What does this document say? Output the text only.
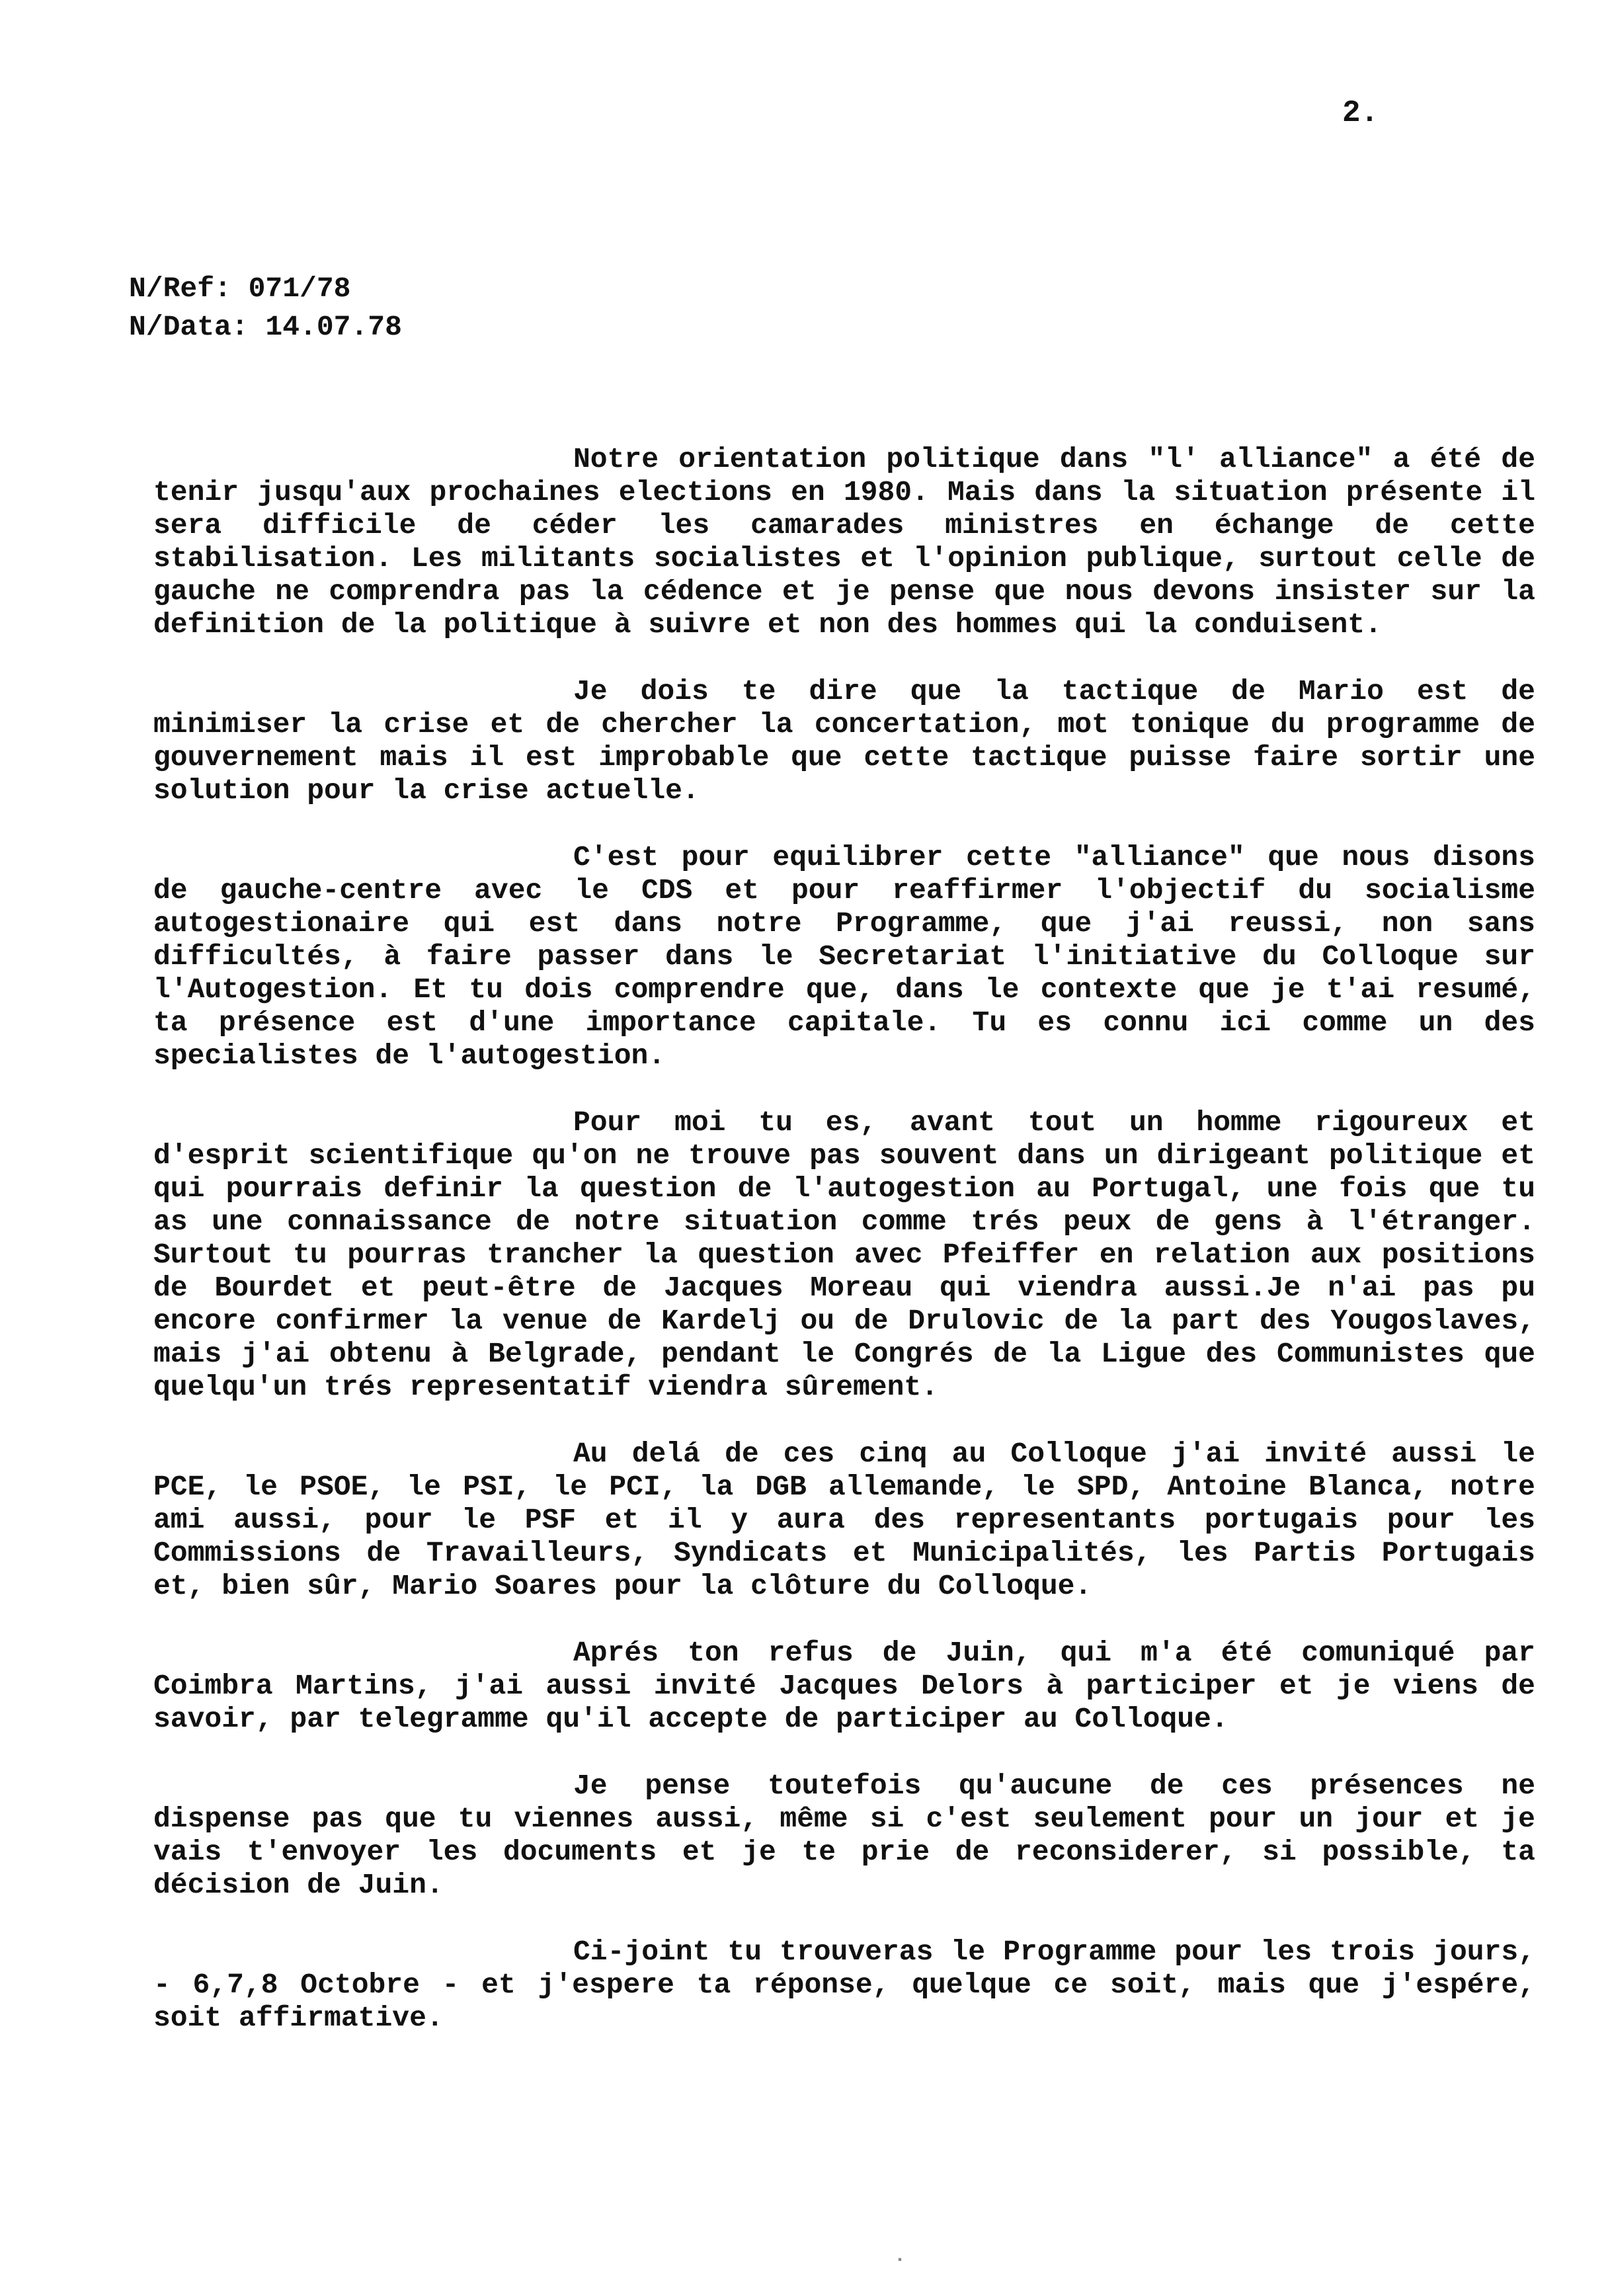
2.
N/Ref: 071/78
N/Data: 14.07.78

Notre orientation politique dans "l' alliance" a été de tenir jusqu'aux prochaines elections en 1980. Mais dans la situation présente il sera difficile de céder les camarades ministres en échange de cette stabilisation. Les militants socialistes et l'opinion publique, surtout celle de gauche ne comprendra pas la cédence et je pense que nous devons insister sur la definition de la politique à suivre et non des hommes qui la conduisent.

Je dois te dire que la tactique de Mario est de minimiser la crise et de chercher la concertation, mot tonique du programme de gouvernement mais il est improbable que cette tactique puisse faire sortir une solution pour la crise actuelle.

C'est pour equilibrer cette "alliance" que nous disons de gauche-centre avec le CDS et pour reaffirmer l'objectif du socialisme autogestionaire qui est dans notre Programme, que j'ai reussi, non sans difficultés, à faire passer dans le Secretariat l'initiative du Colloque sur l'Autogestion. Et tu dois comprendre que, dans le contexte que je t'ai resumé, ta présence est d'une importance capitale. Tu es connu ici comme un des specialistes de l'autogestion.

Pour moi tu es, avant tout un homme rigoureux et d'esprit scientifique qu'on ne trouve pas souvent dans un dirigeant politique et qui pourrais definir la question de l'autogestion au Portugal, une fois que tu as une connaissance de notre situation comme trés peux de gens à l'étranger. Surtout tu pourras trancher la question avec Pfeiffer en relation aux positions de Bourdet et peut-être de Jacques Moreau qui viendra aussi.Je n'ai pas pu encore confirmer la venue de Kardelj ou de Drulovic de la part des Yougoslaves, mais j'ai obtenu à Belgrade, pendant le Congrés de la Ligue des Communistes que quelqu'un trés representatif viendra sûrement.

Au delá de ces cinq au Colloque j'ai invité aussi le PCE, le PSOE, le PSI, le PCI, la DGB allemande, le SPD, Antoine Blanca, notre ami aussi, pour le PSF et il y aura des representants portugais pour les Commissions de Travailleurs, Syndicats et Municipalités, les Partis Portugais et, bien sûr, Mario Soares pour la clôture du Colloque.

Aprés ton refus de Juin, qui m'a été comuniqué par Coimbra Martins, j'ai aussi invité Jacques Delors à participer et je viens de savoir, par telegramme qu'il accepte de participer au Colloque.

Je pense toutefois qu'aucune de ces présences ne dispense pas que tu viennes aussi, même si c'est seulement pour un jour et je vais t'envoyer les documents et je te prie de reconsiderer, si possible, ta décision de Juin.

Ci-joint tu trouveras le Programme pour les trois jours, - 6,7,8 Octobre - et j'espere ta réponse, quelque ce soit, mais que j'espére, soit affirmative.

.
